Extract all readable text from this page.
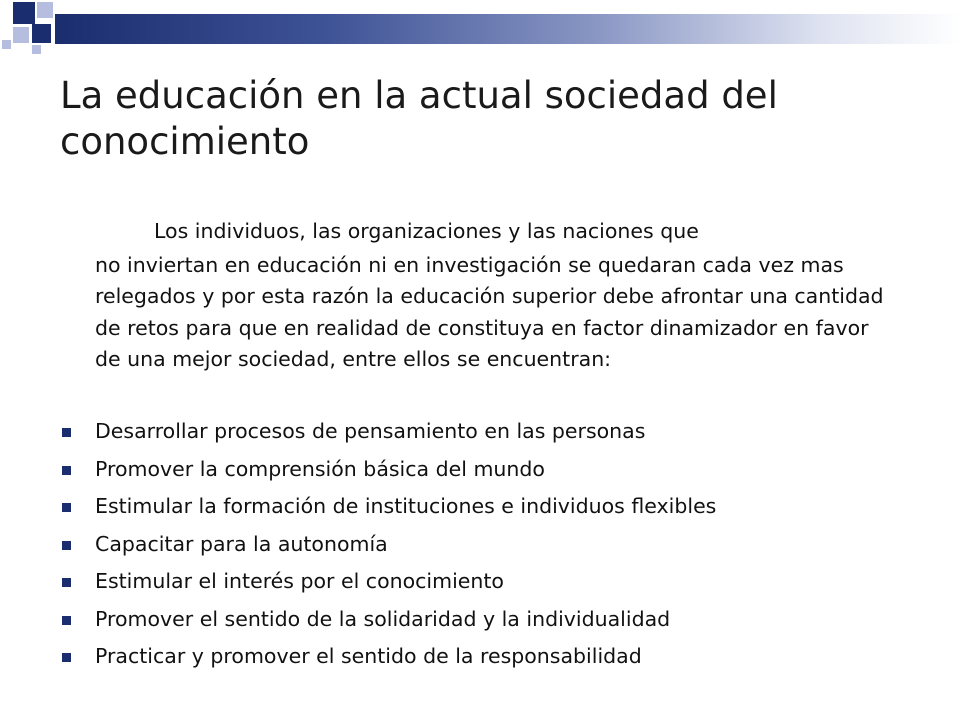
La educación en la actual sociedad del conocimiento

Los individuos, las organizaciones y las naciones que
no inviertan en educación ni en investigación se quedaran cada vez mas relegados y por esta razón la educación superior debe afrontar una cantidad de retos para que en realidad de constituya en factor dinamizador en favor de una mejor sociedad, entre ellos se encuentran:

Desarrollar procesos de pensamiento en las personas
Promover la comprensión básica del mundo
Estimular la formación de instituciones e individuos flexibles
Capacitar para la autonomía
Estimular el interés por el conocimiento
Promover el sentido de la solidaridad y la individualidad
Practicar y promover el sentido de la responsabilidad
